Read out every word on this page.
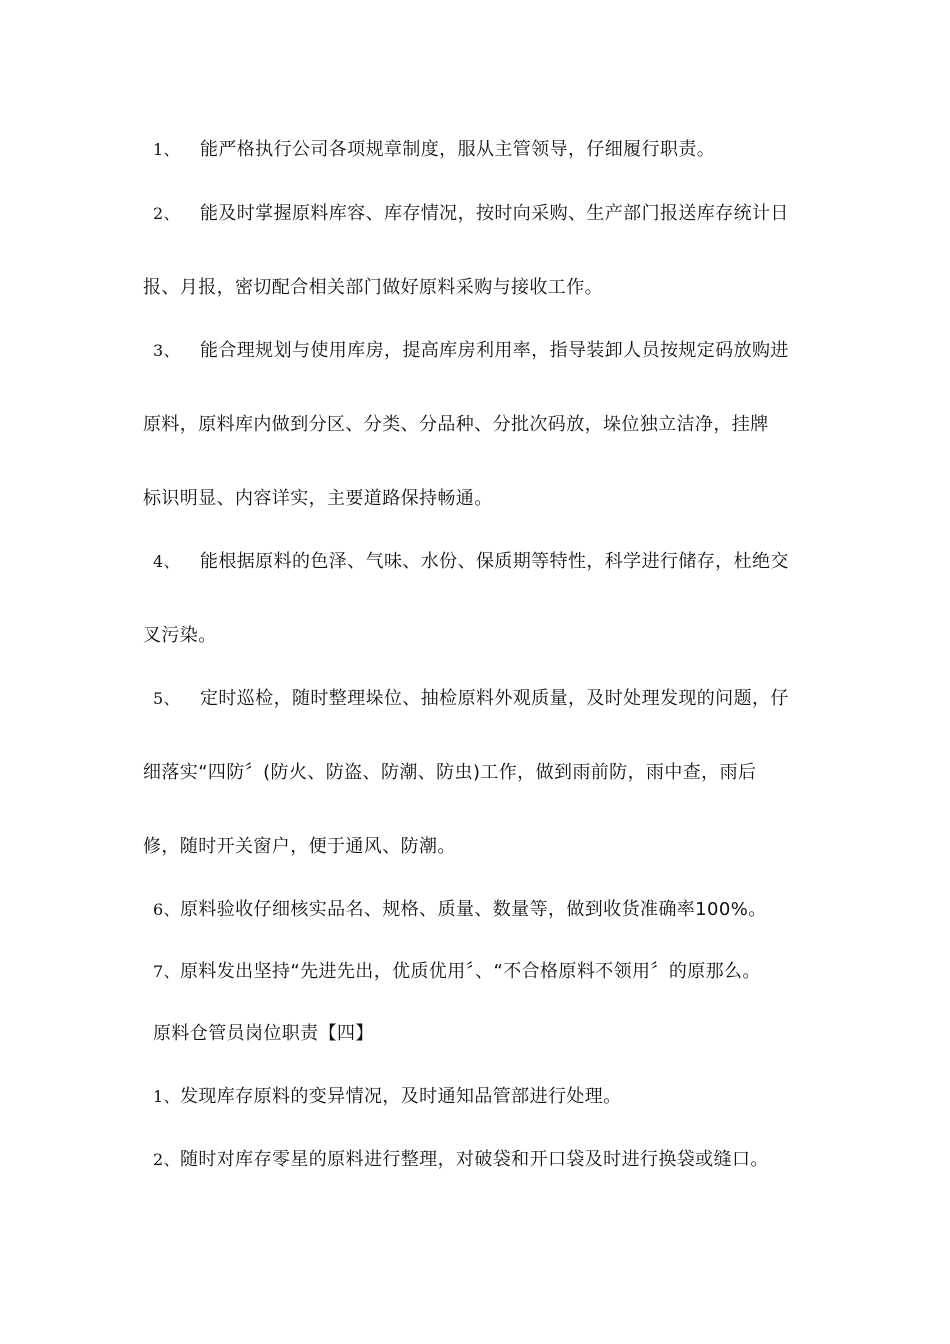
1、 能严格执行公司各项规章制度，服从主管领导，仔细履行职责。
2、 能及时掌握原料库容、库存情况，按时向采购、生产部门报送库存统计日
报、月报，密切配合相关部门做好原料采购与接收工作。
3、 能合理规划与使用库房，提高库房利用率，指导装卸人员按规定码放购进
原料，原料库内做到分区、分类、分品种、分批次码放，垛位独立洁净，挂牌
标识明显、内容详实，主要道路保持畅通。
4、 能根据原料的色泽、气味、水份、保质期等特性，科学进行储存，杜绝交
叉污染。
5、 定时巡检，随时整理垛位、抽检原料外观质量，及时处理发现的问题，仔
细落实“四防〞(防火、防盗、防潮、防虫)工作，做到雨前防，雨中查，雨后
修，随时开关窗户，便于通风、防潮。
6、原料验收仔细核实品名、规格、质量、数量等，做到收货准确率100%。
7、原料发出坚持“先进先出，优质优用〞、“不合格原料不领用〞的原那么。
原料仓管员岗位职责【四】
1、发现库存原料的变异情况，及时通知品管部进行处理。
2、随时对库存零星的原料进行整理，对破袋和开口袋及时进行换袋或缝口。
